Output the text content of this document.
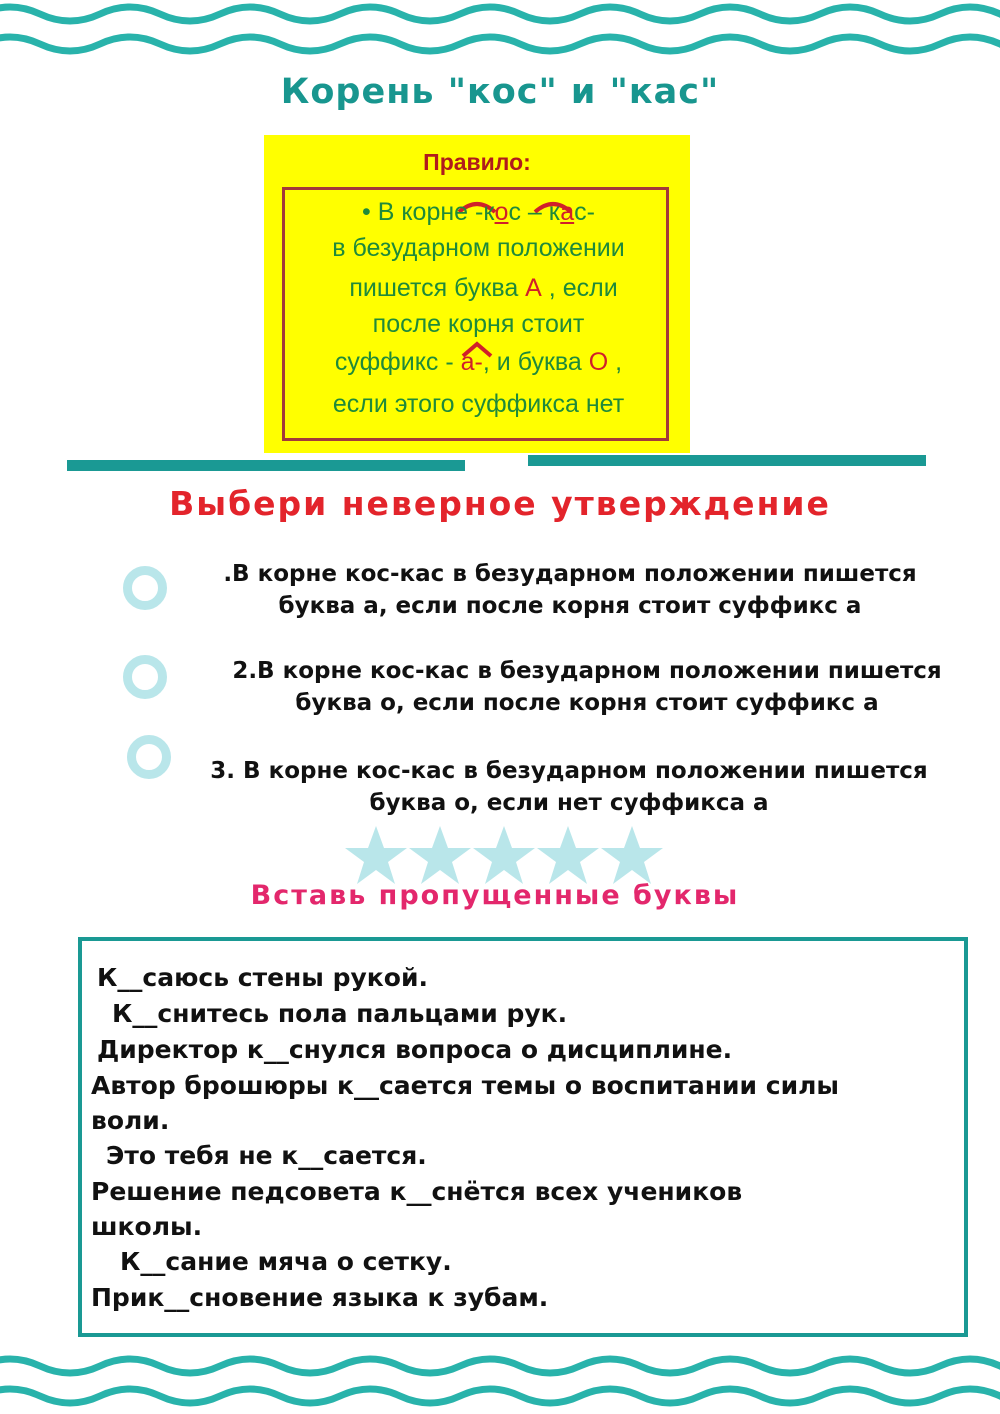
Корень "кос" и "кас"
Правило:
• В корне -кос – кас-
в безударном положении
пишется буква А , если
после корня стоит
суффикс - а-, и буква О ,
если этого суффикса нет
Выбери неверное утверждение
.В корне кос-кас в безударном положении пишется
буква а, если после корня стоит суффикс а
2.В корне кос-кас в безударном положении пишется
буква о, если после корня стоит суффикс а
3. В корне кос-кас в безударном положении пишется
буква о, если нет суффикса а
Вставь пропущенные буквы
К__саюсь стены рукой.
К__снитесь пола пальцами рук.
Директор к__снулся вопроса о дисциплине.
Автор брошюры к__сается темы о воспитании силы
воли.
Это тебя не к__сается.
Решение педсовета к__снётся всех учеников
школы.
К__сание мяча о сетку.
Прик__сновение языка к зубам.
